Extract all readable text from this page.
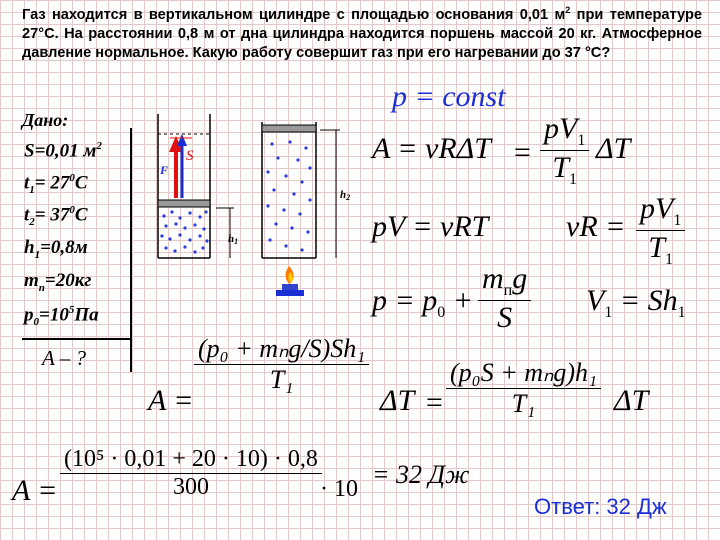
Газ находится в вертикальном цилиндре с площадью основания 0,01 $м^2$ при температуре 27°С. На расстоянии 0,8 м от дна цилиндра находится поршень массой 20 кг. Атмосферное давление нормальное. Какую работу совершит газ при его нагревании до 37 °С?
Дано:
S=0,01 $м^2$
$t_1= 27^0С$
$t_2= 37^0С$
$h_1=0,8м$
$m_п=20кг$
$p_0=10^5Па$
A – ?
S
F
h1
h2
p = const
$A = \nu R\Delta T = \frac{pV_1}{T_1}$ ΔT
pV = νRT	$\nu R = \frac{pV_1}{T_1}$
$p = p_0 + \frac{m_пg}{S} V_1 = Sh_1$
A =
$\frac{\text{(p₀ + mₙg/S)Sh₁}}{\text{T₁}}$
$\Delta T = \frac{\text{(p₀S + mₙg)h₁}}{\text{T₁}}$ ΔT
$A = \frac{\text{(10⁵ · 0,01 + 20 · 10) · 0,8}}{300}$
· 10 = 32 Дж
Ответ: 32 Дж
